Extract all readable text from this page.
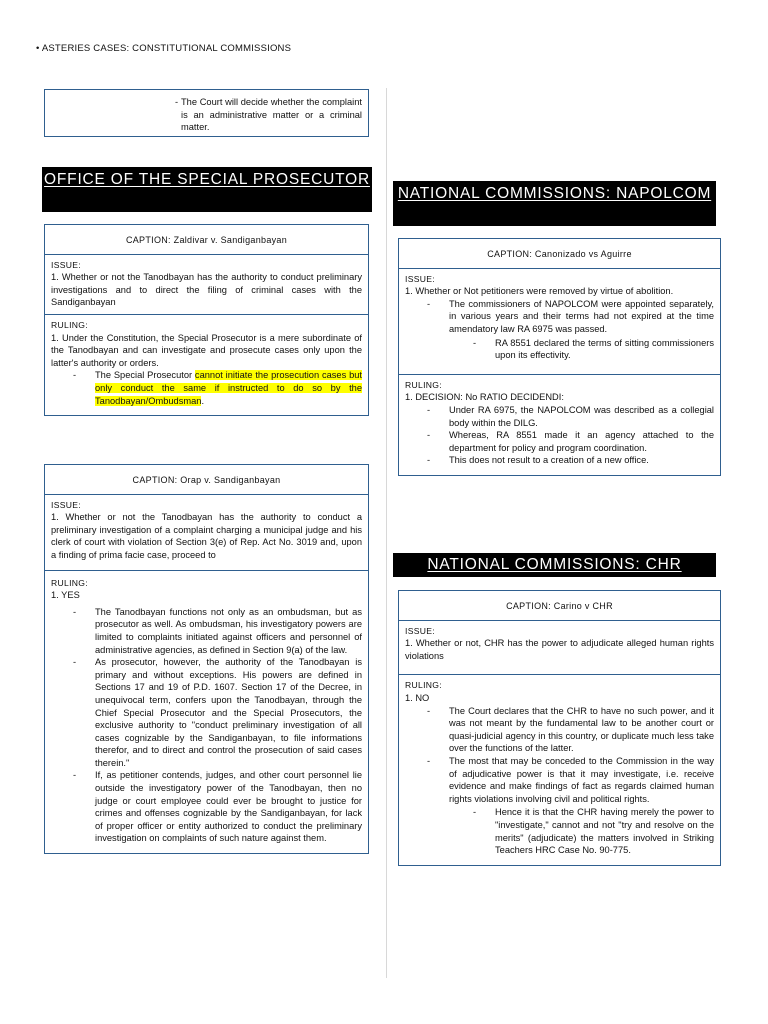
• ASTERIES CASES: CONSTITUTIONAL COMMISSIONS
- The Court will decide whether the complaint is an administrative matter or a criminal matter.
OFFICE OF THE SPECIAL PROSECUTOR
CAPTION: Zaldivar v. Sandiganbayan
ISSUE:
1. Whether or not the Tanodbayan has the authority to conduct preliminary investigations and to direct the filing of criminal cases with the Sandiganbayan
RULING:
1. Under the Constitution, the Special Prosecutor is a mere subordinate of the Tanodbayan and can investigate and prosecute cases only upon the latter's authority or orders.
- The Special Prosecutor cannot initiate the prosecution cases but only conduct the same if instructed to do so by the Tanodbayan/Ombudsman.
CAPTION: Orap v. Sandiganbayan
ISSUE:
1. Whether or not the Tanodbayan has the authority to conduct a preliminary investigation of a complaint charging a municipal judge and his clerk of court with violation of Section 3(e) of Rep. Act No. 3019 and, upon a finding of prima facie case, proceed to
RULING:
1. YES
- The Tanodbayan functions not only as an ombudsman, but as prosecutor as well. As ombudsman, his investigatory powers are limited to complaints initiated against officers and personnel of administrative agencies, as defined in Section 9(a) of the law.
- As prosecutor, however, the authority of the Tanodbayan is primary and without exceptions. His powers are defined in Sections 17 and 19 of P.D. 1607. Section 17 of the Decree, in unequivocal term, confers upon the Tanodbayan, through the Chief Special Prosecutor and the Special Prosecutors, the exclusive authority to "conduct preliminary investigation of all cases cognizable by the Sandiganbayan, to file informations therefor, and to direct and control the prosecution of said cases therein."
- If, as petitioner contends, judges, and other court personnel lie outside the investigatory power of the Tanodbayan, then no judge or court employee could ever be brought to justice for crimes and offenses cognizable by the Sandiganbayan, for lack of proper officer or entity authorized to conduct the preliminary investigation on complaints of such nature against them.
NATIONAL COMMISSIONS: NAPOLCOM
CAPTION: Canonizado vs Aguirre
ISSUE:
1. Whether or Not petitioners were removed by virtue of abolition.
- The commissioners of NAPOLCOM were appointed separately, in various years and their terms had not expired at the time amendatory law RA 6975 was passed.
- RA 8551 declared the terms of sitting commissioners upon its effectivity.
RULING:
1. DECISION: No RATIO DECIDENDI:
- Under RA 6975, the NAPOLCOM was described as a collegial body within the DILG.
- Whereas, RA 8551 made it an agency attached to the department for policy and program coordination.
- This does not result to a creation of a new office.
NATIONAL COMMISSIONS: CHR
CAPTION: Carino v CHR
ISSUE:
1. Whether or not, CHR has the power to adjudicate alleged human rights violations
RULING:
1. NO
- The Court declares that the CHR to have no such power, and it was not meant by the fundamental law to be another court or quasi-judicial agency in this country, or duplicate much less take over the functions of the latter.
- The most that may be conceded to the Commission in the way of adjudicative power is that it may investigate, i.e. receive evidence and make findings of fact as regards claimed human rights violations involving civil and political rights.
- Hence it is that the CHR having merely the power to "investigate," cannot and not "try and resolve on the merits" (adjudicate) the matters involved in Striking Teachers HRC Case No. 90-775.
